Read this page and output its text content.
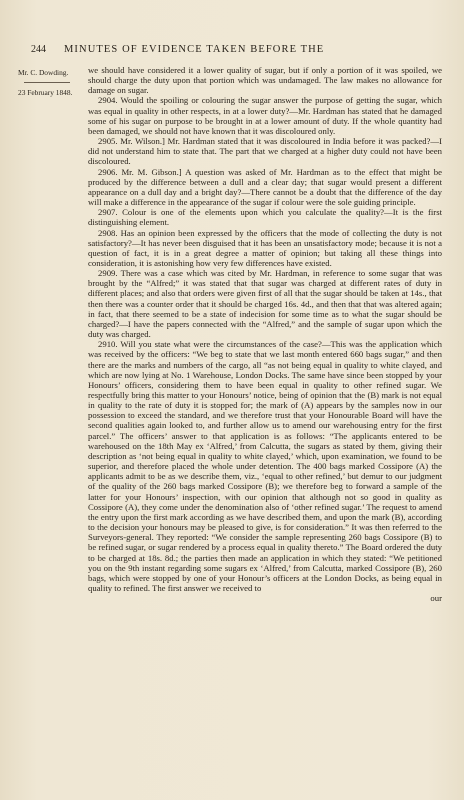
244 MINUTES OF EVIDENCE TAKEN BEFORE THE
Mr. C. Dowding.
23 February 1848.

we should have considered it a lower quality of sugar, but if only a portion of it was spoiled, we should charge the duty upon that portion which was undamaged. The law makes no allowance for damage on sugar.

2904. Would the spoiling or colouring the sugar answer the purpose of getting the sugar, which was equal in quality in other respects, in at a lower duty?—Mr. Hardman has stated that he damaged some of his sugar on purpose to be brought in at a lower amount of duty. If the whole quantity had been damaged, we should not have known that it was discoloured only.

2905. Mr. Wilson.] Mr. Hardman stated that it was discoloured in India before it was packed?—I did not understand him to state that. The part that we charged at a higher duty could not have been discoloured.

2906. Mr. M. Gibson.] A question was asked of Mr. Hardman as to the effect that might be produced by the difference between a dull and a clear day; that sugar would present a different appearance on a dull day and a bright day?—There cannot be a doubt that the difference of the day will make a difference in the appearance of the sugar if colour were the sole guiding principle.

2907. Colour is one of the elements upon which you calculate the quality?—It is the first distinguishing element.

2908. Has an opinion been expressed by the officers that the mode of collecting the duty is not satisfactory?—It has never been disguised that it has been an unsatisfactory mode; because it is not a question of fact, it is in a great degree a matter of opinion; but taking all these things into consideration, it is astonishing how very few differences have existed.

2909. There was a case which was cited by Mr. Hardman, in reference to some sugar that was brought by the “Alfred;” it was stated that that sugar was charged at different rates of duty in different places; and also that orders were given first of all that the sugar should be taken at 14s., that then there was a counter order that it should be charged 16s. 4d., and then that that was altered again; in fact, that there seemed to be a state of indecision for some time as to what the sugar should be charged?—I have the papers connected with the “Alfred,” and the sample of sugar upon which the duty was charged.

2910. Will you state what were the circumstances of the case?—This was the application which was received by the officers: “We beg to state that we last month entered 660 bags sugar,” and then there are the marks and numbers of the cargo, all “as not being equal in quality to white clayed, and which are now lying at No. 1 Warehouse, London Docks. The same have since been stopped by your Honours’ officers, considering them to have been equal in quality to other refined sugar. We respectfully bring this matter to your Honours’ notice, being of opinion that the (B) mark is not equal in quality to the rate of duty it is stopped for; the mark of (A) appears by the samples now in our possession to exceed the standard, and we therefore trust that your Honourable Board will have the second qualities again looked to, and further allow us to amend our warehousing entry for the first parcel.” The officers’ answer to that application is as follows: “The applicants entered to be warehoused on the 18th May ex ‘Alfred,’ from Calcutta, the sugars as stated by them, giving their description as ‘not being equal in quality to white clayed,’ which, upon examination, we found to be superior, and therefore placed the whole under detention. The 400 bags marked Cossipore (A) the applicants admit to be as we describe them, viz., ‘equal to other refined,’ but demur to our judgment of the quality of the 260 bags marked Cossipore (B); we therefore beg to forward a sample of the latter for your Honours’ inspection, with our opinion that although not so good in quality as Cossipore (A), they come under the denomination also of ‘other refined sugar.’ The request to amend the entry upon the first mark according as we have described them, and upon the mark (B), according to the decision your honours may be pleased to give, is for consideration.” It was then referred to the Surveyors-general. They reported: “We consider the sample representing 260 bags Cossipore (B) to be refined sugar, or sugar rendered by a process equal in quality thereto.” The Board ordered the duty to be charged at 18s. 8d.; the parties then made an application in which they stated: “We petitioned you on the 9th instant regarding some sugars ex ‘Alfred,’ from Calcutta, marked Cossipore (B), 260 bags, which were stopped by one of your Honour’s officers at the London Docks, as being equal in quality to refined. The first answer we received to

our
